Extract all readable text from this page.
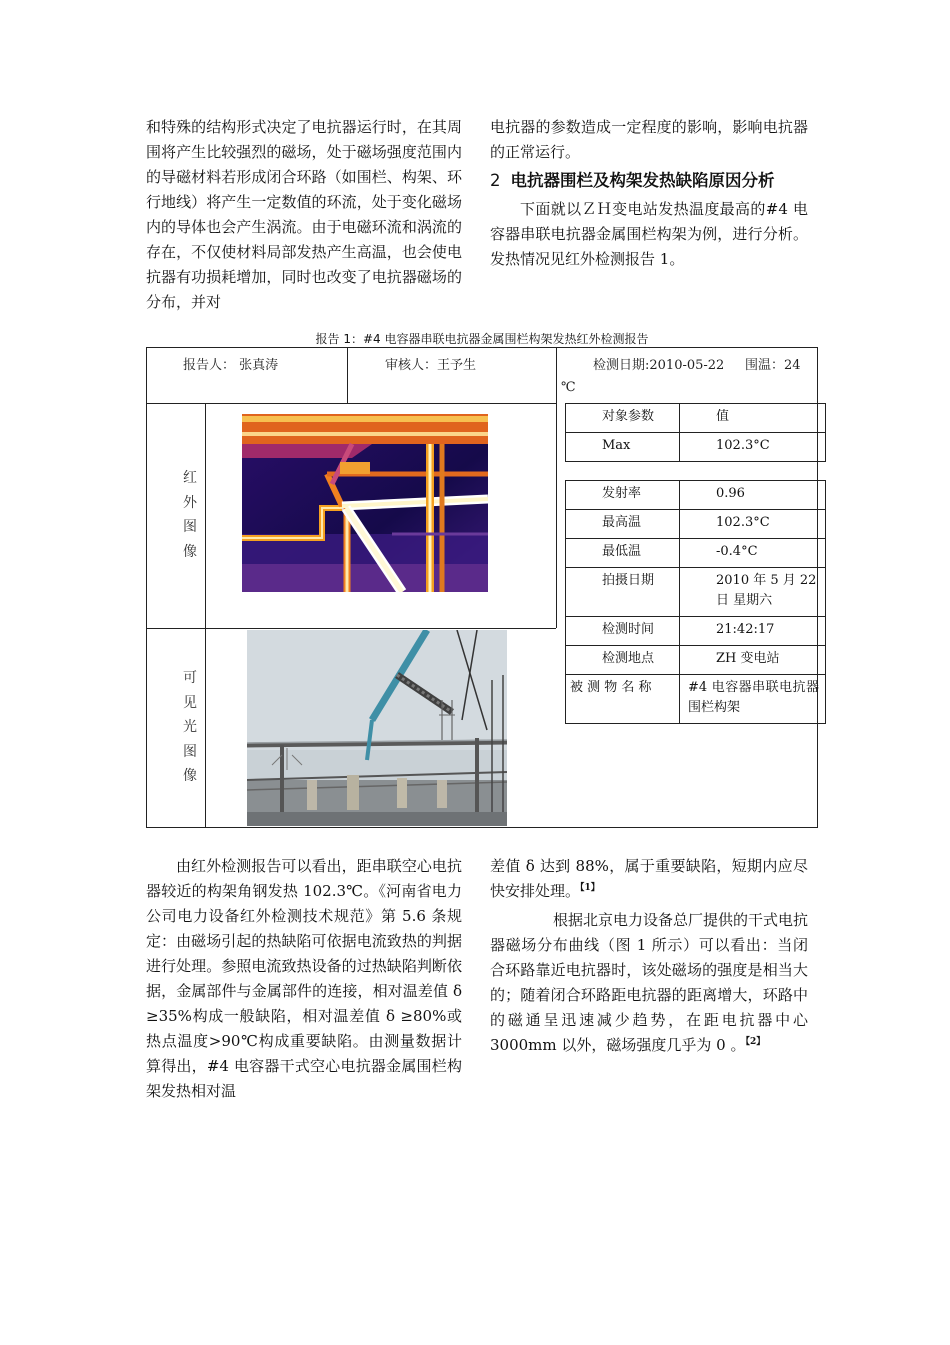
和特殊的结构形式决定了电抗器运行时，在其周围将产生比较强烈的磁场，处于磁场强度范围内的导磁材料若形成闭合环路（如围栏、构架、环行地线）将产生一定数值的环流，处于变化磁场内的导体也会产生涡流。由于电磁环流和涡流的存在，不仅使材料局部发热产生高温，也会使电抗器有功损耗增加，同时也改变了电抗器磁场的分布，并对

电抗器的参数造成一定程度的影响，影响电抗器的正常运行。

2 电抗器围栏及构架发热缺陷原因分析

下面就以ＺＨ变电站发热温度最高的#4 电容器串联电抗器金属围栏构架为例，进行分析。发热情况见红外检测报告 1。

报告 1：#4 电容器串联电抗器金属围栏构架发热红外检测报告
报告人： 张真涛	审核人：王予生	检测日期:2010-05-22     围温：24
℃
红
外
图
像
可
见
光
图
像
对象参数	值
Max	102.3°C
发射率	0.96
最高温	102.3°C
最低温	-0.4°C
拍摄日期	2010 年 5 月 22 日 星期六
检测时间	21:42:17
检测地点	ZH 变电站
被 测 物 名 称	#4 电容器串联电抗器围栏构架

由红外检测报告可以看出，距串联空心电抗器较近的构架角钢发热 102.3℃。《河南省电力公司电力设备红外检测技术规范》第 5.6 条规定：由磁场引起的热缺陷可依据电流致热的判据进行处理。参照电流致热设备的过热缺陷判断依据，金属部件与金属部件的连接，相对温差值 δ ≥35%构成一般缺陷，相对温差值 δ ≥80%或热点温度>90℃构成重要缺陷。由测量数据计算得出，#4 电容器干式空心电抗器金属围栏构架发热相对温

差值 δ 达到 88%，属于重要缺陷，短期内应尽快安排处理。$^{【1】}$

根据北京电力设备总厂提供的干式电抗器磁场分布曲线（图 1 所示）可以看出：当闭合环路靠近电抗器时，该处磁场的强度是相当大的；随着闭合环路距电抗器的距离增大，环路中的磁通呈迅速减少趋势，在距电抗器中心 3000mm 以外，磁场强度几乎为 0 。$^{【2】}$
